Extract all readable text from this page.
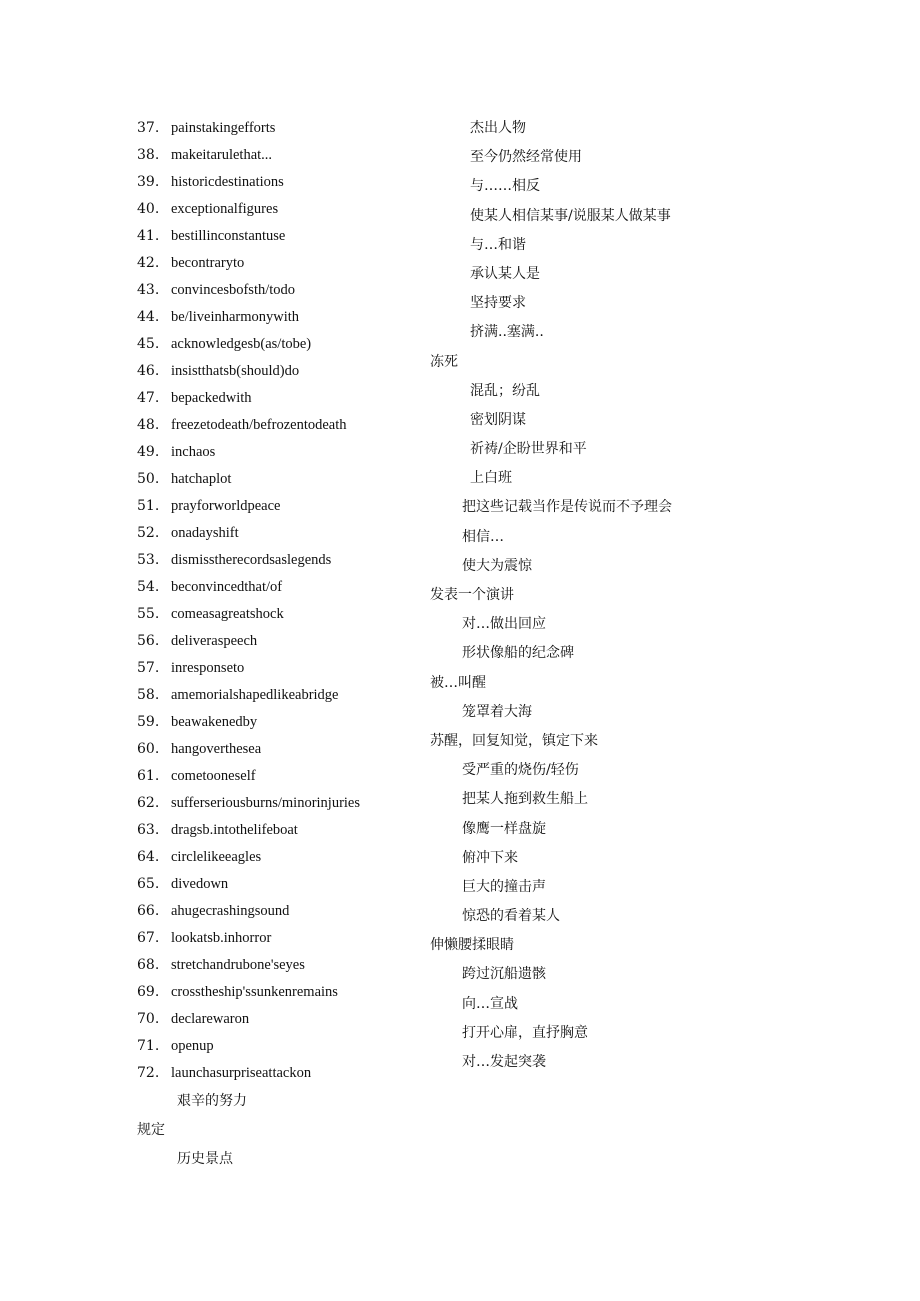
37. painstakingefforts
38. makeitarulethat...
39. historicdestinations
40. exceptionalfigures
41. bestillinconstantuse
42. becontraryto
43. convincesbofsth/todo
44. be/liveinharmonywith
45. acknowledgesb(as/tobe)
46. insistthatsb(should)do
47. bepackedwith
48. freezetodeath/befrozentodeath
49. inchaos
50. hatchaplot
51. prayforworldpeace
52. onadayshift
53. dismisstherecordsaslegends
54. beconvincedthat/of
55. comeasagreatshock
56. deliveraspeech
57. inresponseto
58. amemorialshapedlikeabridge
59. beawakenedby
60. hangoverthesea
61. cometooneself
62. sufferseriousburns/minorinjuries
63. dragsb.intothelifeboat
64. circlelikeeagles
65. divedown
66. ahugecrashingsound
67. lookatsb.inhorror
68. stretchandrubone'seyes
69. crosstheship'ssunkenremains
70. declarewaron
71. openup
72. launchasurpriseattackon
艰辛的努力
规定
历史景点
杰出人物
至今仍然经常使用
与……相反
使某人相信某事/说服某人做某事
与…和谐
承认某人是
坚持要求
挤满..塞满..
冻死
混乱；纷乱
密划阴谋
祈祷/企盼世界和平
上白班
把这些记载当作是传说而不予理会
相信…
使大为震惊
发表一个演讲
对…做出回应
形状像船的纪念碑
被…叫醒
笼罩着大海
苏醒，回复知觉，镇定下来
受严重的烧伤/轻伤
把某人拖到救生船上
像鹰一样盘旋
俯冲下来
巨大的撞击声
惊恐的看着某人
伸懒腰揉眼睛
跨过沉船遗骸
向…宣战
打开心扉，直抒胸意
对…发起突袭
